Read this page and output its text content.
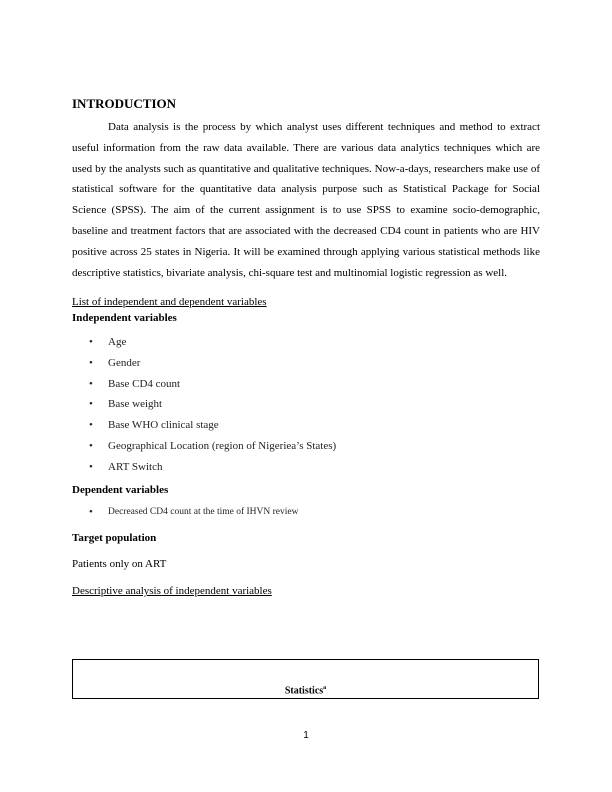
INTRODUCTION

Data analysis is the process by which analyst uses different techniques and method to extract useful information from the raw data available. There are various data analytics techniques which are used by the analysts such as quantitative and qualitative techniques. Now-a-days, researchers make use of statistical software for the quantitative data analysis purpose such as Statistical Package for Social Science (SPSS). The aim of the current assignment is to use SPSS to examine socio-demographic, baseline and treatment factors that are associated with the decreased CD4 count in patients who are HIV positive across 25 states in Nigeria. It will be examined through applying various statistical methods like descriptive statistics, bivariate analysis, chi-square test and multinomial logistic regression as well.

List of independent and dependent variables

Independent variables

• Age
• Gender
• Base CD4 count
• Base weight
• Base WHO clinical stage
• Geographical Location (region of Nigeriea’s States)
• ART Switch

Dependent variables

• Decreased CD4 count at the time of IHVN review

Target population

Patients only on ART

Descriptive analysis of independent variables

Statistics$^a$
1
